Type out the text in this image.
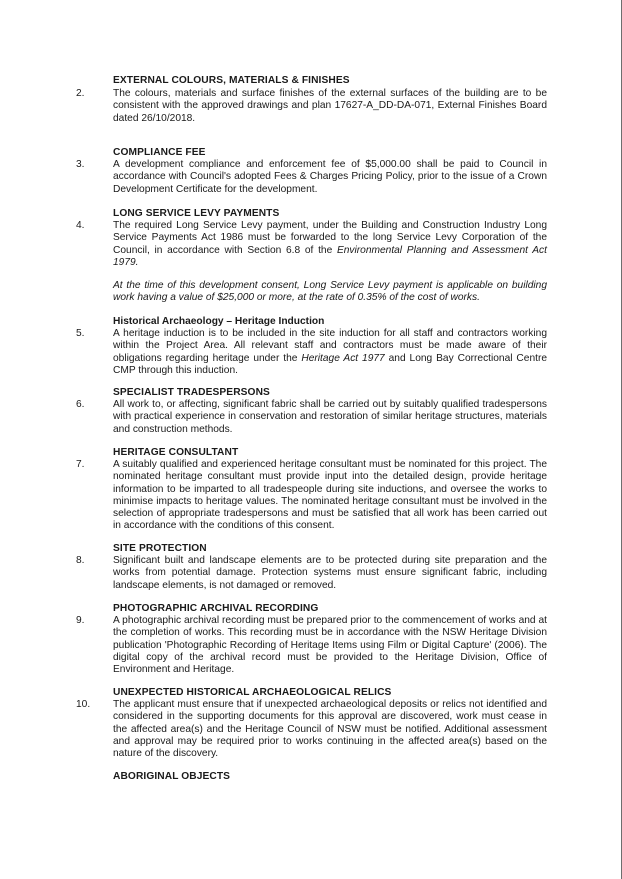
EXTERNAL COLOURS, MATERIALS & FINISHES
2.	The colours, materials and surface finishes of the external surfaces of the building are to be consistent with the approved drawings and plan 17627-A_DD-DA-071, External Finishes Board dated 26/10/2018.

COMPLIANCE FEE
3.	A development compliance and enforcement fee of $5,000.00 shall be paid to Council in accordance with Council's adopted Fees & Charges Pricing Policy, prior to the issue of a Crown Development Certificate for the development.

LONG SERVICE LEVY PAYMENTS
4.	The required Long Service Levy payment, under the Building and Construction Industry Long Service Payments Act 1986 must be forwarded to the long Service Levy Corporation of the Council, in accordance with Section 6.8 of the Environmental Planning and Assessment Act 1979.

At the time of this development consent, Long Service Levy payment is applicable on building work having a value of $25,000 or more, at the rate of 0.35% of the cost of works.

Historical Archaeology – Heritage Induction
5.	A heritage induction is to be included in the site induction for all staff and contractors working within the Project Area. All relevant staff and contractors must be made aware of their obligations regarding heritage under the Heritage Act 1977 and Long Bay Correctional Centre CMP through this induction.

SPECIALIST TRADESPERSONS
6.	All work to, or affecting, significant fabric shall be carried out by suitably qualified tradespersons with practical experience in conservation and restoration of similar heritage structures, materials and construction methods.

HERITAGE CONSULTANT
7.	A suitably qualified and experienced heritage consultant must be nominated for this project. The nominated heritage consultant must provide input into the detailed design, provide heritage information to be imparted to all tradespeople during site inductions, and oversee the works to minimise impacts to heritage values. The nominated heritage consultant must be involved in the selection of appropriate tradespersons and must be satisfied that all work has been carried out in accordance with the conditions of this consent.

SITE PROTECTION
8.	Significant built and landscape elements are to be protected during site preparation and the works from potential damage. Protection systems must ensure significant fabric, including landscape elements, is not damaged or removed.

PHOTOGRAPHIC ARCHIVAL RECORDING
9.	A photographic archival recording must be prepared prior to the commencement of works and at the completion of works. This recording must be in accordance with the NSW Heritage Division publication 'Photographic Recording of Heritage Items using Film or Digital Capture' (2006). The digital copy of the archival record must be provided to the Heritage Division, Office of Environment and Heritage.

UNEXPECTED HISTORICAL ARCHAEOLOGICAL RELICS
10. The applicant must ensure that if unexpected archaeological deposits or relics not identified and considered in the supporting documents for this approval are discovered, work must cease in the affected area(s) and the Heritage Council of NSW must be notified. Additional assessment and approval may be required prior to works continuing in the affected area(s) based on the nature of the discovery.

ABORIGINAL OBJECTS
